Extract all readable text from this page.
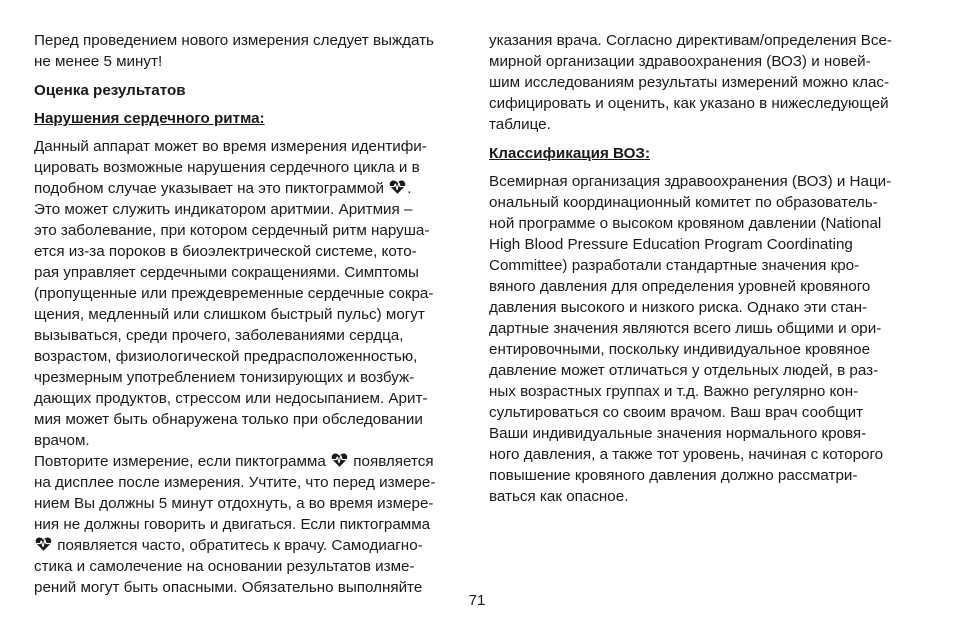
Перед проведением нового измерения следует выждать
не менее 5 минут!
Оценка результатов
Нарушения сердечного ритма:
Данный аппарат может во время измерения идентифи-
цировать возможные нарушения сердечного цикла и в
подобном случае указывает на это пиктограммой .
Это может служить индикатором аритмии. Аритмия –
это заболевание, при котором сердечный ритм наруша-
ется из-за пороков в биоэлектрической системе, кото-
рая управляет сердечными сокращениями. Симптомы
(пропущенные или преждевременные сердечные сокра-
щения, медленный или слишком быстрый пульс) могут
вызываться, среди прочего, заболеваниями сердца,
возрастом, физиологической предрасположенностью,
чрезмерным употреблением тонизирующих и возбуж-
дающих продуктов, стрессом или недосыпанием. Арит-
мия может быть обнаружена только при обследовании
врачом.
Повторите измерение, если пиктограмма появляется
на дисплее после измерения. Учтите, что перед измере-
нием Вы должны 5 минут отдохнуть, а во время измере-
ния не должны говорить и двигаться. Если пиктограмма
появляется часто, обратитесь к врачу. Самодиагно-
стика и самолечение на основании результатов изме-
рений могут быть опасными. Обязательно выполняйте
указания врача. Согласно директивам/определения Все-
мирной организации здравоохранения (ВОЗ) и новей-
шим исследованиям результаты измерений можно клас-
сифицировать и оценить, как указано в нижеследующей
таблице.
Классификация ВОЗ:
Всемирная организация здравоохранения (ВОЗ) и Наци-
ональный координационный комитет по образователь-
ной программе о высоком кровяном давлении (National
High Blood Pressure Education Program Coordinating
Committee) разработали стандартные значения кро-
вяного давления для определения уровней кровяного
давления высокого и низкого риска. Однако эти стан-
дартные значения являются всего лишь общими и ори-
ентировочными, поскольку индивидуальное кровяное
давление может отличаться у отдельных людей, в раз-
ных возрастных группах и т.д. Важно регулярно кон-
сультироваться со своим врачом. Ваш врач сообщит
Ваши индивидуальные значения нормального кровя-
ного давления, а также тот уровень, начиная с которого
повышение кровяного давления должно рассматри-
ваться как опасное.
71
